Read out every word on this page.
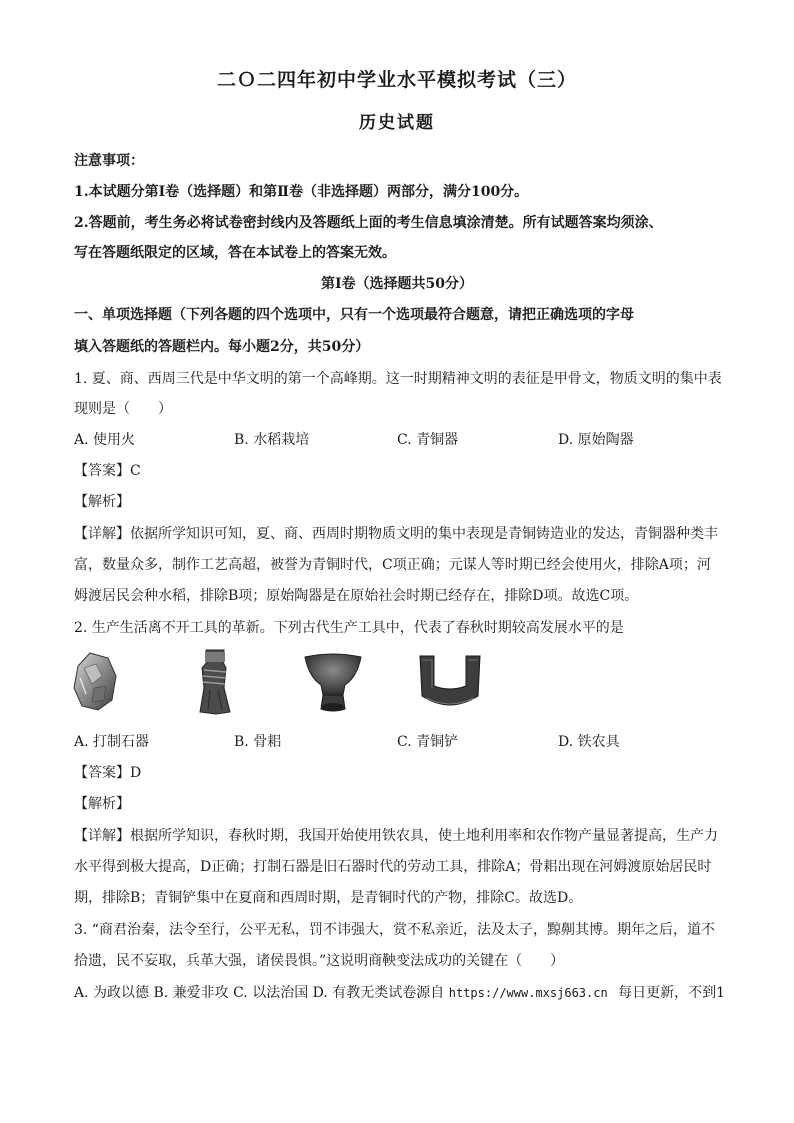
二Ｏ二四年初中学业水平模拟考试（三）
历史试题
注意事项：
1.本试题分第Ⅰ卷（选择题）和第Ⅱ卷（非选择题）两部分，满分100分。
2.答题前，考生务必将试卷密封线内及答题纸上面的考生信息填涂清楚。所有试题答案均须涂、
写在答题纸限定的区域，答在本试卷上的答案无效。
第Ⅰ卷（选择题共50分）
一、单项选择题（下列各题的四个选项中，只有一个选项最符合题意，请把正确选项的字母
填入答题纸的答题栏内。每小题2分，共50分）
1. 夏、商、西周三代是中华文明的第一个高峰期。这一时期精神文明的表征是甲骨文，物质文明的集中表
现则是（　　）
A. 使用火	B. 水稻栽培	C. 青铜器	D. 原始陶器
【答案】C
【解析】
【详解】依据所学知识可知，夏、商、西周时期物质文明的集中表现是青铜铸造业的发达，青铜器种类丰
富，数量众多，制作工艺高超，被誉为青铜时代，C项正确；元谋人等时期已经会使用火，排除A项；河
姆渡居民会种水稻，排除B项；原始陶器是在原始社会时期已经存在，排除D项。故选C项。
2. 生产生活离不开工具的革新。下列古代生产工具中，代表了春秋时期较高发展水平的是
A. 打制石器	B. 骨耜	C. 青铜铲	D. 铁农具
【答案】D
【解析】
【详解】根据所学知识，春秋时期，我国开始使用铁农具，使土地利用率和农作物产量显著提高，生产力
水平得到极大提高，D正确；打制石器是旧石器时代的劳动工具，排除A；骨耜出现在河姆渡原始居民时
期，排除B；青铜铲集中在夏商和西周时期，是青铜时代的产物，排除C。故选D。
3. “商君治秦，法令至行，公平无私，罚不讳强大，赏不私亲近，法及太子，黥劓其博。期年之后，道不
拾遗，民不妄取，兵革大强，诸侯畏惧。”这说明商鞅变法成功的关键在（　　）
A. 为政以德 B. 兼爱非攻 C. 以法治国 D. 有教无类试卷源自 https://www.mxsj663.cn 每日更新，不到1
